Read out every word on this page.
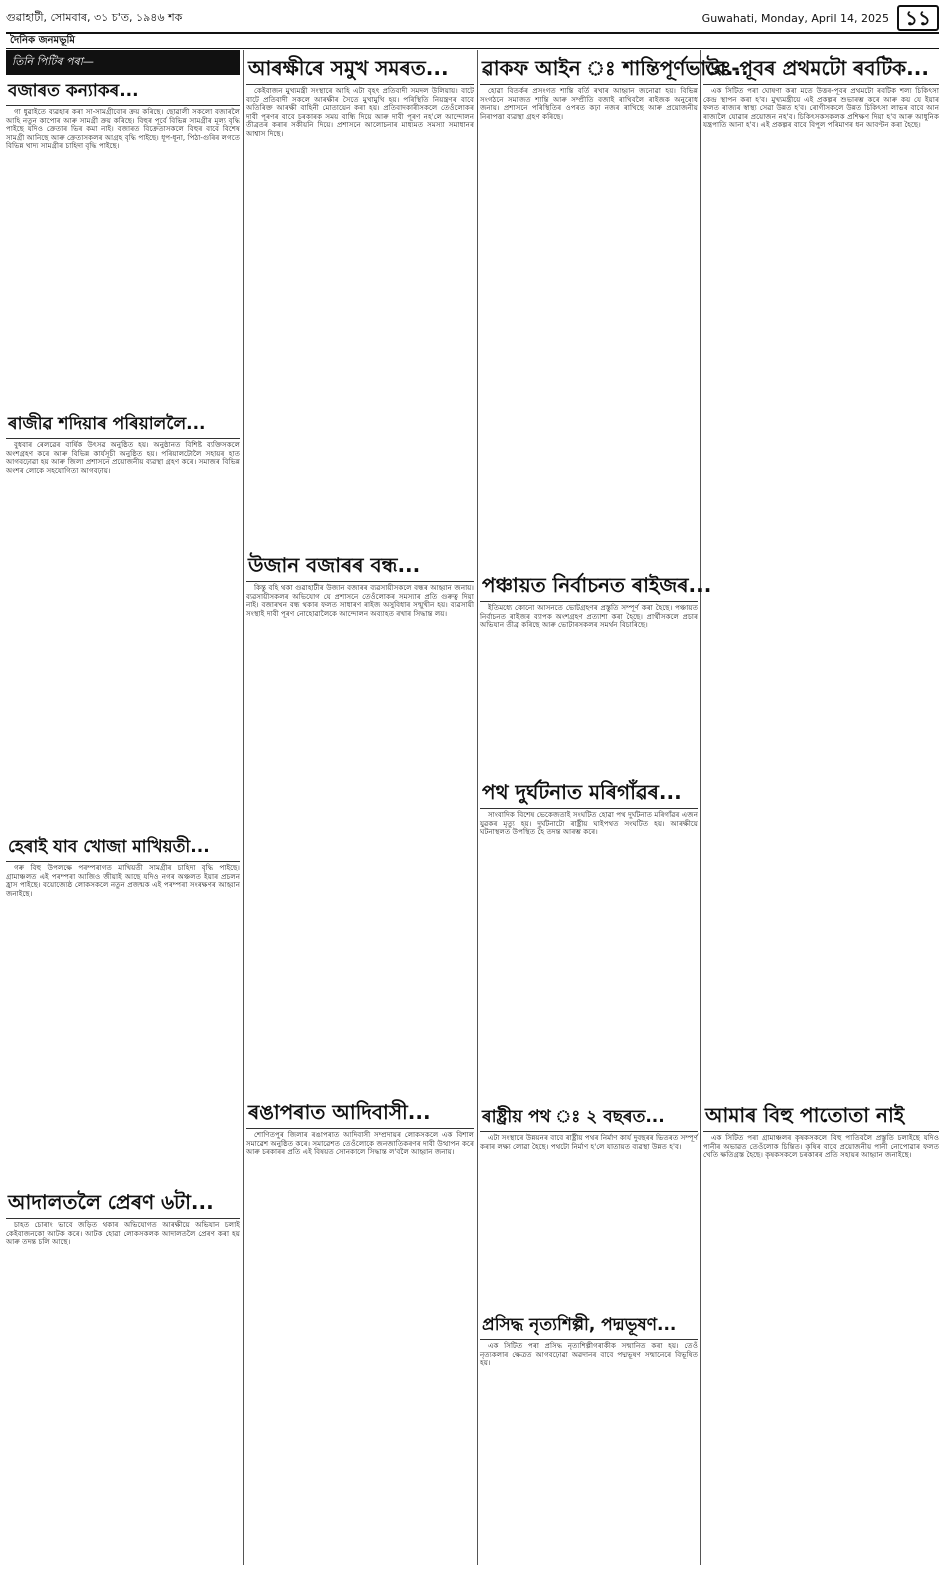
গুৱাহাটী, সোমবাৰ, ৩১ চ'ত, ১৯৪৬ শক	Guwahati, Monday, April 14, 2025 ১১
দৈনিক জনমভূমি
তিনি পিটিৰ পৰা—
বজাৰত কন্যাকৰ...

গা ধুৱাইতে ব্যৱহাৰ কৰা সা-সামগ্ৰীবোৰ ক্ৰয় কৰিছে। ছোৱালী সকলো বজাৰলৈ আহি নতুন কাপোৰ আৰু সামগ্ৰী ক্ৰয় কৰিছে। বিহুৰ পূৰ্বে বিভিন্ন সামগ্ৰীৰ মূল্য বৃদ্ধি পাইছে যদিও ক্ৰেতাৰ ভিৰ কমা নাই। বজাৰত বিক্ৰেতাসকলে বিহুৰ বাবে বিশেষ সামগ্ৰী আনিছে আৰু ক্ৰেতাসকলৰ আগ্ৰহ বৃদ্ধি পাইছে। ধূপ-ধূনা, পিঠা-গুৰিৰ লগতে বিভিন্ন খাদ্য সামগ্ৰীৰ চাহিদা বৃদ্ধি পাইছে।

ৰাজীৱ শদিয়াৰ পৰিয়াললৈ...

বুধবাৰ ৰেলৱেৰ বাৰ্ষিক উৎসৱ অনুষ্ঠিত হয়। অনুষ্ঠানত বিশিষ্ট ব্যক্তিসকলে অংশগ্ৰহণ কৰে আৰু বিভিন্ন কাৰ্যসূচী অনুষ্ঠিত হয়। পৰিয়ালটোলৈ সহায়ৰ হাত আগবঢ়োৱা হয় আৰু জিলা প্ৰশাসনে প্ৰয়োজনীয় ব্যৱস্থা গ্ৰহণ কৰে। সমাজৰ বিভিন্ন অংশৰ লোকে সহযোগিতা আগবঢ়ায়।

হেৰাই যাব খোজা মাখিয়তী...

গৰু বিহু উপলক্ষে পৰম্পৰাগত মাখিয়তী সামগ্ৰীৰ চাহিদা বৃদ্ধি পাইছে। গ্ৰামাঞ্চলত এই পৰম্পৰা আজিও জীয়াই আছে যদিও নগৰ অঞ্চলত ইয়াৰ প্ৰচলন হ্ৰাস পাইছে। বয়োজ্যেষ্ঠ লোকসকলে নতুন প্ৰজন্মক এই পৰম্পৰা সংৰক্ষণৰ আহ্বান জনাইছে।

আদালতলৈ প্ৰেৰণ ৬টা...

চাহত চোৰাং ভাবে জড়িত থকাৰ অভিযোগত আৰক্ষীয়ে অভিযান চলাই কেইবাজনকো আটক কৰে। আটক হোৱা লোকসকলক আদালতলৈ প্ৰেৰণ কৰা হয় আৰু তদন্ত চলি আছে।

আৰক্ষীৰে সমুখ সমৰত...

কেইবাজন মুখ্যমন্ত্ৰী সংস্থাৰে আহি এটা বৃহৎ প্ৰতিবাদী সমদল উলিয়ায়। বাটে বাটে প্ৰতিবাদী সকলে আৰক্ষীৰ সৈতে মুখামুখি হয়। পৰিস্থিতি নিয়ন্ত্ৰণৰ বাবে অতিৰিক্ত আৰক্ষী বাহিনী মোতায়েন কৰা হয়। প্ৰতিবাদকাৰীসকলে তেওঁলোকৰ দাবী পূৰণৰ বাবে চৰকাৰক সময় বান্ধি দিয়ে আৰু দাবী পূৰণ নহ'লে আন্দোলন তীব্ৰতৰ কৰাৰ সকীয়নি দিয়ে। প্ৰশাসনে আলোচনাৰ মাধ্যমত সমস্যা সমাধানৰ আশ্বাস দিছে।

উজান বজাৰৰ বন্ধ...

কিন্তু বহি থকা গুৱাহাটীৰ উজান বজাৰৰ ব্যৱসায়ীসকলে বন্ধৰ আহ্বান জনায়। ব্যৱসায়ীসকলৰ অভিযোগ যে প্ৰশাসনে তেওঁলোকৰ সমস্যাৰ প্ৰতি গুৰুত্ব দিয়া নাই। বজাৰখন বন্ধ থকাৰ ফলত সাধাৰণ ৰাইজ অসুবিধাৰ সন্মুখীন হয়। ব্যৱসায়ী সংস্থাই দাবী পূৰণ নোহোৱালৈকে আন্দোলন অব্যাহত ৰখাৰ সিদ্ধান্ত লয়।

ৰঙাপৰাত আদিবাসী...

শোণিতপুৰ জিলাৰ ৰঙাপৰাত আদিবাসী সম্প্ৰদায়ৰ লোকসকলে এক বিশাল সমাৱেশ অনুষ্ঠিত কৰে। সমাৱেশত তেওঁলোকে জনজাতিকৰণৰ দাবী উত্থাপন কৰে আৰু চৰকাৰৰ প্ৰতি এই বিষয়ত সোনকালে সিদ্ধান্ত ল'বলৈ আহ্বান জনায়।

ৱাকফ আইন ঃ শান্তিপূৰ্ণভাৱে...

হোৱা বিতৰ্কৰ প্ৰসংগত শান্তি বৰ্তি ৰখাৰ আহ্বান জনোৱা হয়। বিভিন্ন সংগঠনে সমাজত শান্তি আৰু সম্প্ৰীতি বজাই ৰাখিবলৈ ৰাইজক অনুৰোধ জনায়। প্ৰশাসনে পৰিস্থিতিৰ ওপৰত কঢ়া নজৰ ৰাখিছে আৰু প্ৰয়োজনীয় নিৰাপত্তা ব্যৱস্থা গ্ৰহণ কৰিছে।

পঞ্চায়ত নিৰ্বাচনত ৰাইজৰ...

ইতিমধ্যে কোনো আসনতে ভোটগ্ৰহণৰ প্ৰস্তুতি সম্পূৰ্ণ কৰা হৈছে। পঞ্চায়ত নিৰ্বাচনত ৰাইজৰ ব্যাপক অংশগ্ৰহণ প্ৰত্যাশা কৰা হৈছে। প্ৰাৰ্থীসকলে প্ৰচাৰ অভিযান তীব্ৰ কৰিছে আৰু ভোটাৰসকলৰ সমৰ্থন বিচাৰিছে।

পথ দুৰ্ঘটনাত মৰিগাঁৱৰ...

সাংবাদিক বিশেষ ভেকেজতাই সংঘটিত হোৱা পথ দুৰ্ঘটনাত মৰিগাঁৱৰ এজন যুৱকৰ মৃত্যু হয়। দুৰ্ঘটনাটো ৰাষ্ট্ৰীয় ঘাইপথত সংঘটিত হয়। আৰক্ষীয়ে ঘটনাস্থলত উপস্থিত হৈ তদন্ত আৰম্ভ কৰে।

ৰাষ্ট্ৰীয় পথ ঃ ২ বছৰত...

এটা সংস্থাৰে উন্নয়নৰ বাবে ৰাষ্ট্ৰীয় পথৰ নিৰ্মাণ কাৰ্য দুবছৰৰ ভিতৰত সম্পূৰ্ণ কৰাৰ লক্ষ্য লোৱা হৈছে। পথটো নিৰ্মাণ হ'লে যাতায়ত ব্যৱস্থা উন্নত হ'ব।

প্ৰসিদ্ধ নৃত্যশিল্পী, পদ্মভূষণ...

এক সিটিত পৰা প্ৰসিদ্ধ নৃত্যশিল্পীগৰাকীক সন্মানিত কৰা হয়। তেওঁ নৃত্যকলাৰ ক্ষেত্ৰত আগবঢ়োৱা অৱদানৰ বাবে পদ্মভূষণ সন্মানেৰে বিভূষিত হয়।

উঃ-পূবৰ প্ৰথমটো ৰবটিক...

এক সিটিত পৰা ঘোষণা কৰা মতে উত্তৰ-পূবৰ প্ৰথমটো ৰবটিক শল্য চিকিৎসা কেন্দ্ৰ স্থাপন কৰা হ'ব। মুখ্যমন্ত্ৰীয়ে এই প্ৰকল্পৰ শুভাৰম্ভ কৰে আৰু কয় যে ইয়াৰ ফলত ৰাজ্যৰ স্বাস্থ্য সেৱা উন্নত হ'ব। ৰোগীসকলে উন্নত চিকিৎসা লাভৰ বাবে আন ৰাজ্যলৈ যোৱাৰ প্ৰয়োজন নহ'ব। চিকিৎসকসকলক প্ৰশিক্ষণ দিয়া হ'ব আৰু আধুনিক যন্ত্ৰপাতি আনা হ'ব। এই প্ৰকল্পৰ বাবে বিপুল পৰিমাণৰ ধন আবণ্টন কৰা হৈছে।

আমাৰ বিহু পাতোতা নাই

এক সিটিত পৰা গ্ৰামাঞ্চলৰ কৃষকসকলে বিহু পাতিবলৈ প্ৰস্তুতি চলাইছে যদিও পানীৰ অভাৱত তেওঁলোক চিন্তিত। কৃষিৰ বাবে প্ৰয়োজনীয় পানী নোপোৱাৰ ফলত খেতি ক্ষতিগ্ৰস্ত হৈছে। কৃষকসকলে চৰকাৰৰ প্ৰতি সহায়ৰ আহ্বান জনাইছে।
